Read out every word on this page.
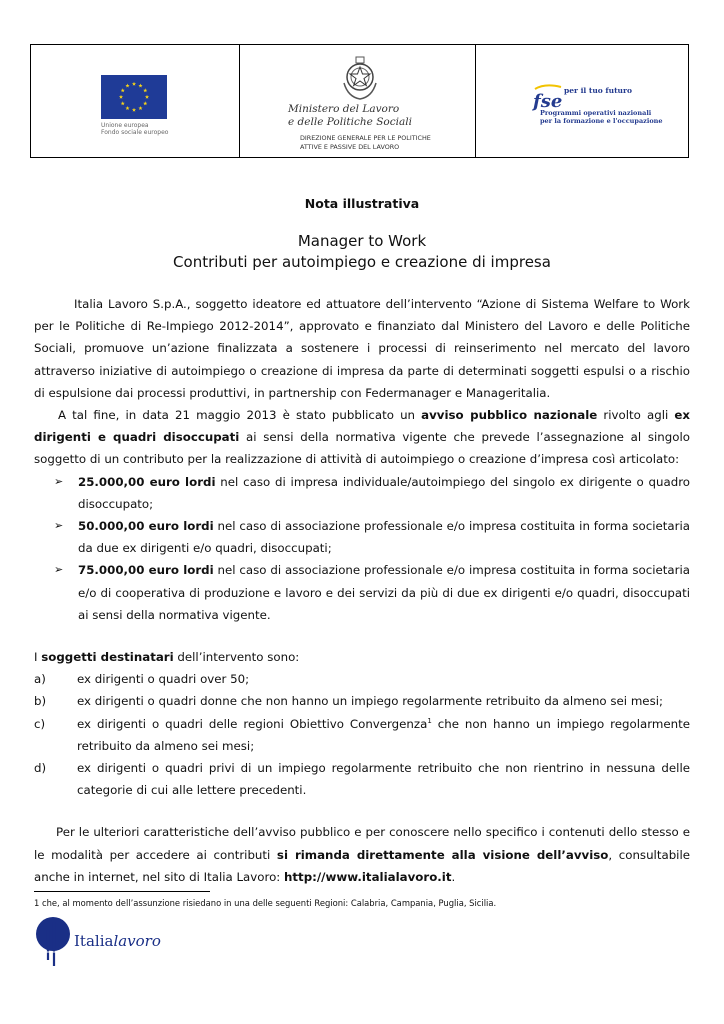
Unione europea
Fondo sociale europeo
Ministero del Lavoro
e delle Politiche Sociali
DIREZIONE GENERALE PER LE POLITICHE
ATTIVE E PASSIVE DEL LAVORO
fse
per il tuo futuro
Programmi operativi nazionali
per la formazione e l'occupazione
Nota illustrativa
Manager to Work
Contributi per autoimpiego e creazione di impresa

Italia Lavoro S.p.A., soggetto ideatore ed attuatore dell’intervento “Azione di Sistema Welfare to Work per le Politiche di Re-Impiego 2012-2014”, approvato e finanziato dal Ministero del Lavoro e delle Politiche Sociali, promuove un’azione finalizzata a sostenere i processi di reinserimento nel mercato del lavoro attraverso iniziative di autoimpiego o creazione di impresa da parte di determinati soggetti espulsi o a rischio di espulsione dai processi produttivi, in partnership con Federmanager e Manageritalia.

A tal fine, in data 21 maggio 2013 è stato pubblicato un avviso pubblico nazionale rivolto agli ex dirigenti e quadri disoccupati ai sensi della normativa vigente che prevede l’assegnazione al singolo soggetto di un contributo per la realizzazione di attività di autoimpiego o creazione d’impresa così articolato:

➢ 25.000,00 euro lordi nel caso di impresa individuale/autoimpiego del singolo ex dirigente o quadro disoccupato;
➢ 50.000,00 euro lordi nel caso di associazione professionale e/o impresa costituita in forma societaria da due ex dirigenti e/o quadri, disoccupati;
➢ 75.000,00 euro lordi nel caso di associazione professionale e/o impresa costituita in forma societaria e/o di cooperativa di produzione e lavoro e dei servizi da più di due ex dirigenti e/o quadri, disoccupati ai sensi della normativa vigente.

I soggetti destinatari dell’intervento sono:

a)	ex dirigenti o quadri over 50;
b)	ex dirigenti o quadri donne che non hanno un impiego regolarmente retribuito da almeno sei mesi;
c)	ex dirigenti o quadri delle regioni Obiettivo Convergenza$^1$ che non hanno un impiego regolarmente retribuito da almeno sei mesi;
d)	ex dirigenti o quadri privi di un impiego regolarmente retribuito che non rientrino in nessuna delle categorie di cui alle lettere precedenti.

Per le ulteriori caratteristiche dell’avviso pubblico e per conoscere nello specifico i contenuti dello stesso e le modalità per accedere ai contributi si rimanda direttamente alla visione dell’avviso, consultabile anche in internet, nel sito di Italia Lavoro: http://www.italialavoro.it.

1 che, al momento dell’assunzione risiedano in una delle seguenti Regioni: Calabria, Campania, Puglia, Sicilia.
Italialavoro
